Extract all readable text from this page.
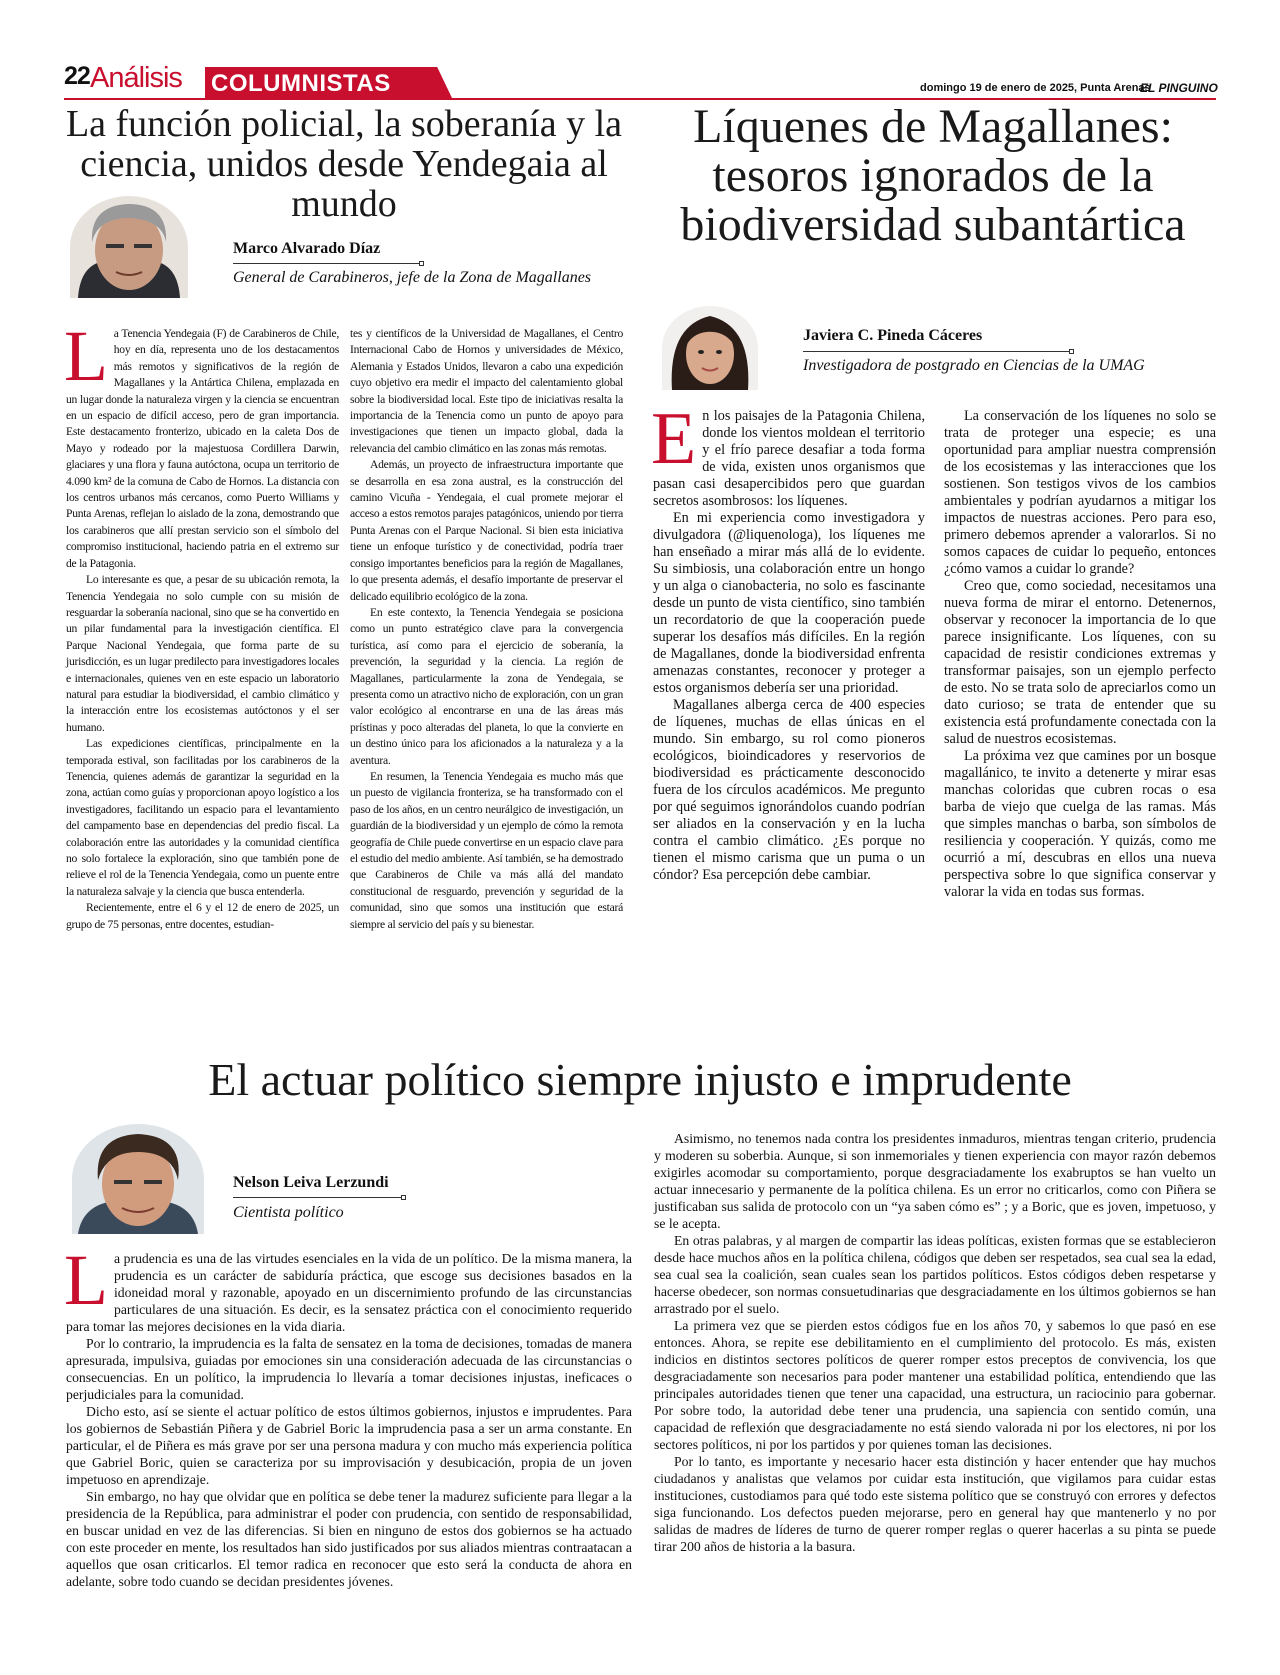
22 Análisis COLUMNISTAS	domingo 19 de enero de 2025, Punta Arenas
EL PINGUINO
La función policial, la soberanía y la ciencia, unidos desde Yendegaia al mundo
Marco Alvarado Díaz
General de Carabineros, jefe de la Zona de Magallanes
L a Tenencia Yendegaia (F) de Carabineros de Chile, hoy en día, representa uno de los destacamentos más remotos y significativos de la región de Magallanes y la Antártica Chilena, emplazada en un lugar donde la naturaleza virgen y la ciencia se encuentran en un espacio de difícil acceso, pero de gran importancia. Este destacamento fronterizo, ubicado en la caleta Dos de Mayo y rodeado por la majestuosa Cordillera Darwin, glaciares y una flora y fauna autóctona, ocupa un territorio de 4.090 km² de la comuna de Cabo de Hornos. La distancia con los centros urbanos más cercanos, como Puerto Williams y Punta Arenas, reflejan lo aislado de la zona, demostrando que los carabineros que allí prestan servicio son el símbolo del compromiso institucional, haciendo patria en el extremo sur de la Patagonia.

Lo interesante es que, a pesar de su ubicación remota, la Tenencia Yendegaia no solo cumple con su misión de resguardar la soberanía nacional, sino que se ha convertido en un pilar fundamental para la investigación científica. El Parque Nacional Yendegaia, que forma parte de su jurisdicción, es un lugar predilecto para investigadores locales e internacionales, quienes ven en este espacio un laboratorio natural para estudiar la biodiversidad, el cambio climático y la interacción entre los ecosistemas autóctonos y el ser humano.

Las expediciones científicas, principalmente en la temporada estival, son facilitadas por los carabineros de la Tenencia, quienes además de garantizar la seguridad en la zona, actúan como guías y proporcionan apoyo logístico a los investigadores, facilitando un espacio para el levantamiento del campamento base en dependencias del predio fiscal. La colaboración entre las autoridades y la comunidad científica no solo fortalece la exploración, sino que también pone de relieve el rol de la Tenencia Yendegaia, como un puente entre la naturaleza salvaje y la ciencia que busca entenderla.

Recientemente, entre el 6 y el 12 de enero de 2025, un grupo de 75 personas, entre docentes, estudian-

tes y científicos de la Universidad de Magallanes, el Centro Internacional Cabo de Hornos y universidades de México, Alemania y Estados Unidos, llevaron a cabo una expedición cuyo objetivo era medir el impacto del calentamiento global sobre la biodiversidad local. Este tipo de iniciativas resalta la importancia de la Tenencia como un punto de apoyo para investigaciones que tienen un impacto global, dada la relevancia del cambio climático en las zonas más remotas.

Además, un proyecto de infraestructura importante que se desarrolla en esa zona austral, es la construcción del camino Vicuña - Yendegaia, el cual promete mejorar el acceso a estos remotos parajes patagónicos, uniendo por tierra Punta Arenas con el Parque Nacional. Si bien esta iniciativa tiene un enfoque turístico y de conectividad, podría traer consigo importantes beneficios para la región de Magallanes, lo que presenta además, el desafío importante de preservar el delicado equilibrio ecológico de la zona.

En este contexto, la Tenencia Yendegaia se posiciona como un punto estratégico clave para la convergencia turística, así como para el ejercicio de soberanía, la prevención, la seguridad y la ciencia. La región de Magallanes, particularmente la zona de Yendegaia, se presenta como un atractivo nicho de exploración, con un gran valor ecológico al encontrarse en una de las áreas más prístinas y poco alteradas del planeta, lo que la convierte en un destino único para los aficionados a la naturaleza y a la aventura.

En resumen, la Tenencia Yendegaia es mucho más que un puesto de vigilancia fronteriza, se ha transformado con el paso de los años, en un centro neurálgico de investigación, un guardián de la biodiversidad y un ejemplo de cómo la remota geografía de Chile puede convertirse en un espacio clave para el estudio del medio ambiente. Así también, se ha demostrado que Carabineros de Chile va más allá del mandato constitucional de resguardo, prevención y seguridad de la comunidad, sino que somos una institución que estará siempre al servicio del país y su bienestar.

Líquenes de Magallanes: tesoros ignorados de la biodiversidad subantártica
Javiera C. Pineda Cáceres
Investigadora de postgrado en Ciencias de la UMAG
E n los paisajes de la Patagonia Chilena, donde los vientos moldean el territorio y el frío parece desafiar a toda forma de vida, existen unos organismos que pasan casi desapercibidos pero que guardan secretos asombrosos: los líquenes.

En mi experiencia como investigadora y divulgadora (@liquenologa), los líquenes me han enseñado a mirar más allá de lo evidente. Su simbiosis, una colaboración entre un hongo y un alga o cianobacteria, no solo es fascinante desde un punto de vista científico, sino también un recordatorio de que la cooperación puede superar los desafíos más difíciles. En la región de Magallanes, donde la biodiversidad enfrenta amenazas constantes, reconocer y proteger a estos organismos debería ser una prioridad.

Magallanes alberga cerca de 400 especies de líquenes, muchas de ellas únicas en el mundo. Sin embargo, su rol como pioneros ecológicos, bioindicadores y reservorios de biodiversidad es prácticamente desconocido fuera de los círculos académicos. Me pregunto por qué seguimos ignorándolos cuando podrían ser aliados en la conservación y en la lucha contra el cambio climático. ¿Es porque no tienen el mismo carisma que un puma o un cóndor? Esa percepción debe cambiar.

La conservación de los líquenes no solo se trata de proteger una especie; es una oportunidad para ampliar nuestra comprensión de los ecosistemas y las interacciones que los sostienen. Son testigos vivos de los cambios ambientales y podrían ayudarnos a mitigar los impactos de nuestras acciones. Pero para eso, primero debemos aprender a valorarlos. Si no somos capaces de cuidar lo pequeño, entonces ¿cómo vamos a cuidar lo grande?

Creo que, como sociedad, necesitamos una nueva forma de mirar el entorno. Detenernos, observar y reconocer la importancia de lo que parece insignificante. Los líquenes, con su capacidad de resistir condiciones extremas y transformar paisajes, son un ejemplo perfecto de esto. No se trata solo de apreciarlos como un dato curioso; se trata de entender que su existencia está profundamente conectada con la salud de nuestros ecosistemas.

La próxima vez que camines por un bosque magallánico, te invito a detenerte y mirar esas manchas coloridas que cubren rocas o esa barba de viejo que cuelga de las ramas. Más que simples manchas o barba, son símbolos de resiliencia y cooperación. Y quizás, como me ocurrió a mí, descubras en ellos una nueva perspectiva sobre lo que significa conservar y valorar la vida en todas sus formas.

El actuar político siempre injusto e imprudente
Nelson Leiva Lerzundi
Cientista político
L a prudencia es una de las virtudes esenciales en la vida de un político. De la misma manera, la prudencia es un carácter de sabiduría práctica, que escoge sus decisiones basados en la idoneidad moral y razonable, apoyado en un discernimiento profundo de las circunstancias particulares de una situación. Es decir, es la sensatez práctica con el conocimiento requerido para tomar las mejores decisiones en la vida diaria.

Por lo contrario, la imprudencia es la falta de sensatez en la toma de decisiones, tomadas de manera apresurada, impulsiva, guiadas por emociones sin una consideración adecuada de las circunstancias o consecuencias. En un político, la imprudencia lo llevaría a tomar decisiones injustas, ineficaces o perjudiciales para la comunidad.

Dicho esto, así se siente el actuar político de estos últimos gobiernos, injustos e imprudentes. Para los gobiernos de Sebastián Piñera y de Gabriel Boric la imprudencia pasa a ser un arma constante. En particular, el de Piñera es más grave por ser una persona madura y con mucho más experiencia política que Gabriel Boric, quien se caracteriza por su improvisación y desubicación, propia de un joven impetuoso en aprendizaje.

Sin embargo, no hay que olvidar que en política se debe tener la madurez suficiente para llegar a la presidencia de la República, para administrar el poder con prudencia, con sentido de responsabilidad, en buscar unidad en vez de las diferencias. Si bien en ninguno de estos dos gobiernos se ha actuado con este proceder en mente, los resultados han sido justificados por sus aliados mientras contraatacan a aquellos que osan criticarlos. El temor radica en reconocer que esto será la conducta de ahora en adelante, sobre todo cuando se decidan presidentes jóvenes.

Asimismo, no tenemos nada contra los presidentes inmaduros, mientras tengan criterio, prudencia y moderen su soberbia. Aunque, si son inmemoriales y tienen experiencia con mayor razón debemos exigirles acomodar su comportamiento, porque desgraciadamente los exabruptos se han vuelto un actuar innecesario y permanente de la política chilena. Es un error no criticarlos, como con Piñera se justificaban sus salida de protocolo con un “ya saben cómo es” ; y a Boric, que es joven, impetuoso, y se le acepta.

En otras palabras, y al margen de compartir las ideas políticas, existen formas que se establecieron desde hace muchos años en la política chilena, códigos que deben ser respetados, sea cual sea la edad, sea cual sea la coalición, sean cuales sean los partidos políticos. Estos códigos deben respetarse y hacerse obedecer, son normas consuetudinarias que desgraciadamente en los últimos gobiernos se han arrastrado por el suelo.

La primera vez que se pierden estos códigos fue en los años 70, y sabemos lo que pasó en ese entonces. Ahora, se repite ese debilitamiento en el cumplimiento del protocolo. Es más, existen indicios en distintos sectores políticos de querer romper estos preceptos de convivencia, los que desgraciadamente son necesarios para poder mantener una estabilidad política, entendiendo que las principales autoridades tienen que tener una capacidad, una estructura, un raciocinio para gobernar. Por sobre todo, la autoridad debe tener una prudencia, una sapiencia con sentido común, una capacidad de reflexión que desgraciadamente no está siendo valorada ni por los electores, ni por los sectores políticos, ni por los partidos y por quienes toman las decisiones.

Por lo tanto, es importante y necesario hacer esta distinción y hacer entender que hay muchos ciudadanos y analistas que velamos por cuidar esta institución, que vigilamos para cuidar estas instituciones, custodiamos para qué todo este sistema político que se construyó con errores y defectos siga funcionando. Los defectos pueden mejorarse, pero en general hay que mantenerlo y no por salidas de madres de líderes de turno de querer romper reglas o querer hacerlas a su pinta se puede tirar 200 años de historia a la basura.
